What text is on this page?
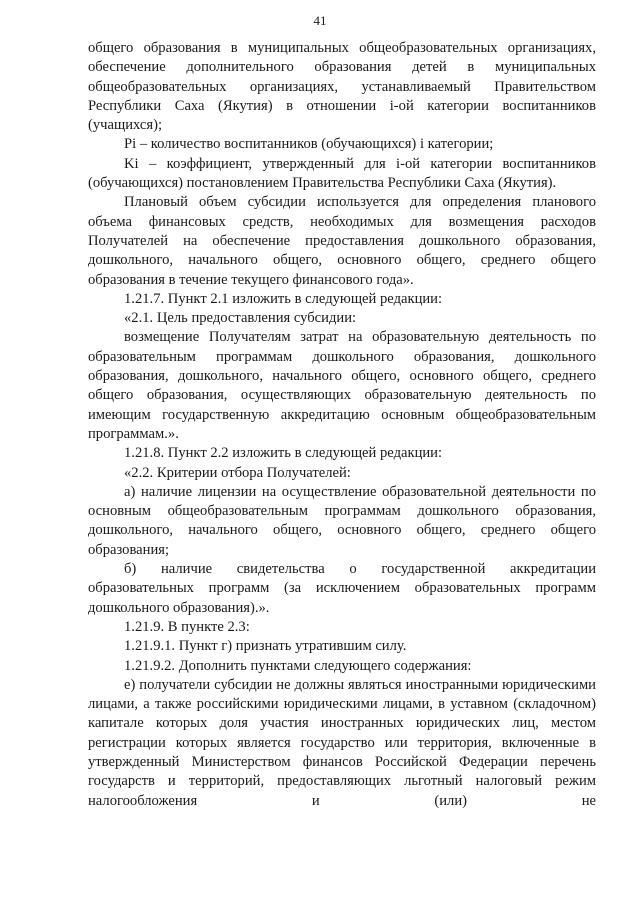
41

общего образования в муниципальных общеобразовательных организациях, обеспечение дополнительного образования детей в муниципальных общеобразовательных организациях, устанавливаемый Правительством Республики Саха (Якутия) в отношении i-ой категории воспитанников (учащихся);

Pi – количество воспитанников (обучающихся) i категории;

Ki – коэффициент, утвержденный для i-ой категории воспитанников (обучающихся) постановлением Правительства Республики Саха (Якутия).

Плановый объем субсидии используется для определения планового объема финансовых средств, необходимых для возмещения расходов Получателей на обеспечение предоставления дошкольного образования, дошкольного, начального общего, основного общего, среднего общего образования в течение текущего финансового года».

1.21.7. Пункт 2.1 изложить в следующей редакции:

«2.1. Цель предоставления субсидии:

возмещение Получателям затрат на образовательную деятельность по образовательным программам дошкольного образования, дошкольного образования, дошкольного, начального общего, основного общего, среднего общего образования, осуществляющих образовательную деятельность по имеющим государственную аккредитацию основным общеобразовательным программам.».

1.21.8. Пункт 2.2 изложить в следующей редакции:

«2.2. Критерии отбора Получателей:

а) наличие лицензии на осуществление образовательной деятельности по основным общеобразовательным программам дошкольного образования, дошкольного, начального общего, основного общего, среднего общего образования;

б) наличие свидетельства о государственной аккредитации образовательных программ (за исключением образовательных программ дошкольного образования).».

1.21.9. В пункте 2.3:

1.21.9.1. Пункт г) признать утратившим силу.

1.21.9.2. Дополнить пунктами следующего содержания:

е) получатели субсидии не должны являться иностранными юридическими лицами, а также российскими юридическими лицами, в уставном (складочном) капитале которых доля участия иностранных юридических лиц, местом регистрации которых является государство или территория, включенные в утвержденный Министерством финансов Российской Федерации перечень государств и территорий, предоставляющих льготный налоговый режим налогообложения и (или) не
